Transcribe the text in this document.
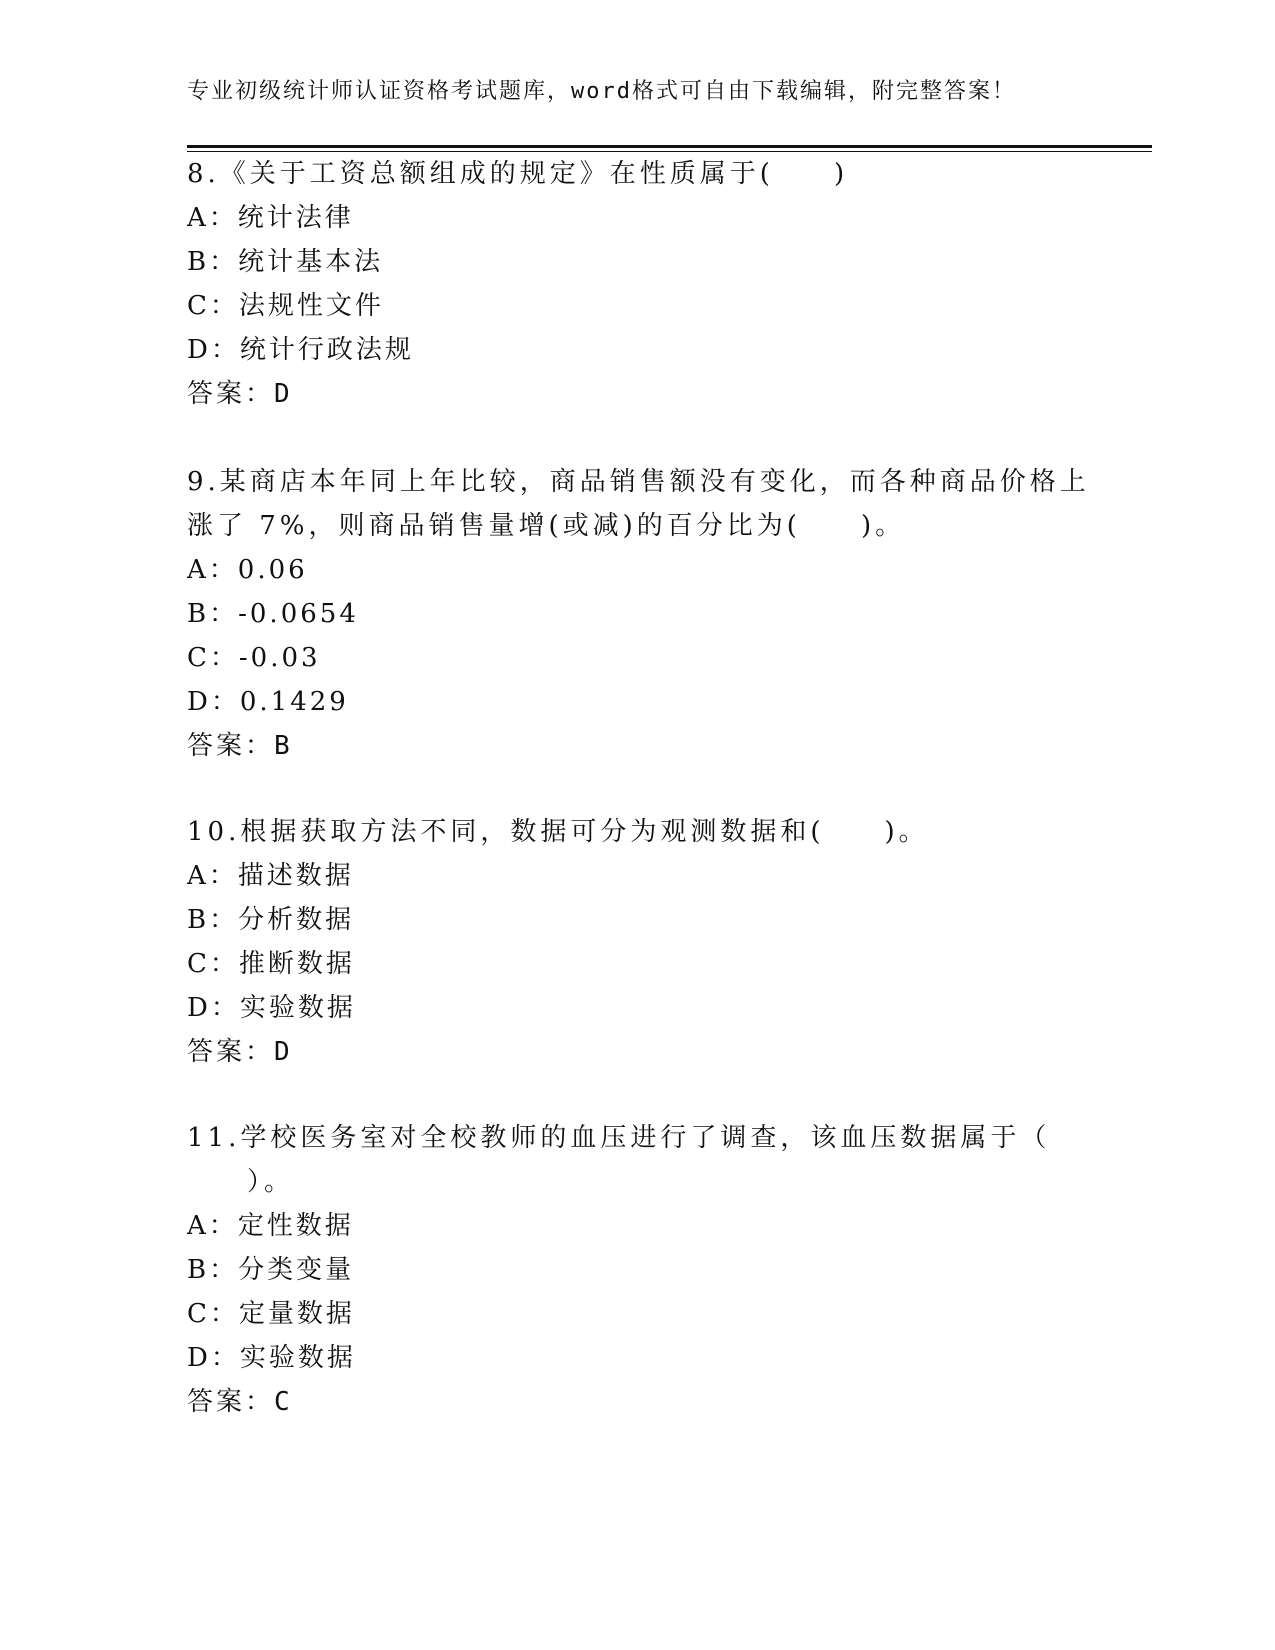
专业初级统计师认证资格考试题库，word格式可自由下载编辑，附完整答案！
8.《关于工资总额组成的规定》在性质属于(　　)
A：统计法律
B：统计基本法
C：法规性文件
D：统计行政法规
答案：D
9.某商店本年同上年比较，商品销售额没有变化，而各种商品价格上
涨了 7%，则商品销售量增(或减)的百分比为(　　)。
A：0.06
B：-0.0654
C：-0.03
D：0.1429
答案：B
10.根据获取方法不同，数据可分为观测数据和(　　)。
A：描述数据
B：分析数据
C：推断数据
D：实验数据
答案：D
11.学校医务室对全校教师的血压进行了调查，该血压数据属于（
　　）。
A：定性数据
B：分类变量
C：定量数据
D：实验数据
答案：C
